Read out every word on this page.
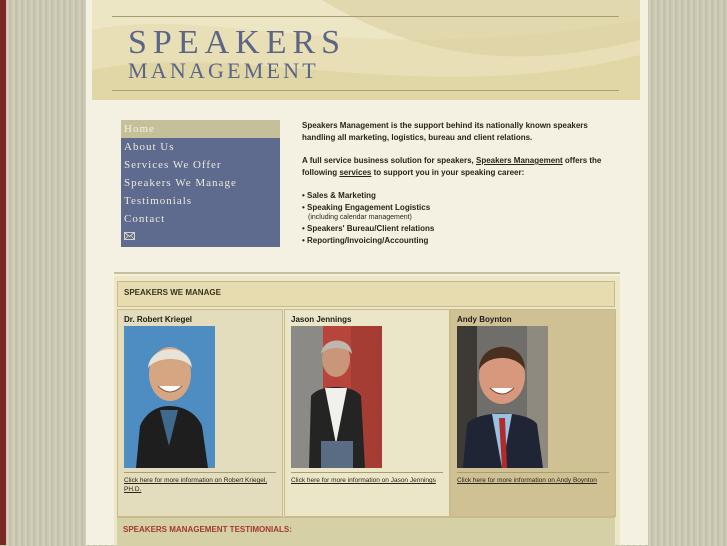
SPEAKERS
MANAGEMENT
Home
About Us
Services We Offer
Speakers We Manage
Testimonials
Contact

Speakers Management is the support behind its nationally known speakers handling all marketing, logistics, bureau and client relations.

A full service business solution for speakers, Speakers Management offers the following services to support you in your speaking career:

• Sales & Marketing
• Speaking Engagement Logistics
(including calendar management)
• Speakers' Bureau/Client relations
• Reporting/Invoicing/Accounting
SPEAKERS WE MANAGE
Dr. Robert Kriegel
Click here for more information on Robert Kriegel, PH.D.
Jason Jennings
Click here for more information on Jason Jennings
Andy Boynton
Click here for more information on Andy Boynton
SPEAKERS MANAGEMENT TESTIMONIALS:
